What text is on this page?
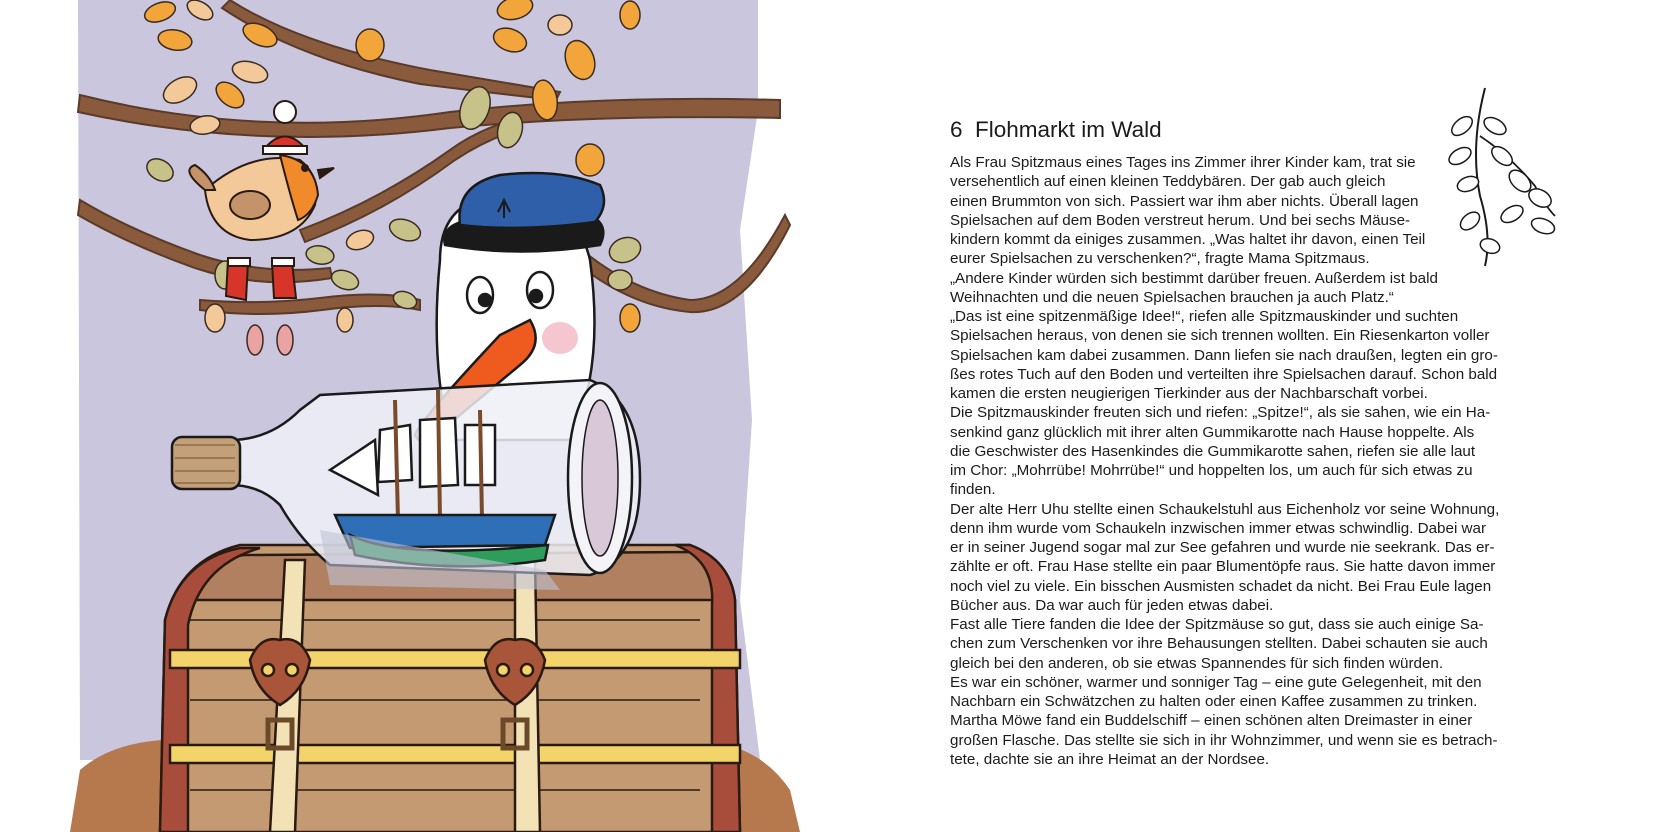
6 Flohmarkt im Wald
Als Frau Spitzmaus eines Tages ins Zimmer ihrer Kinder kam, trat sie
versehentlich auf einen kleinen Teddybären. Der gab auch gleich
einen Brummton von sich. Passiert war ihm aber nichts. Überall lagen
Spielsachen auf dem Boden verstreut herum. Und bei sechs Mäuse-
kindern kommt da einiges zusammen. „Was haltet ihr davon, einen Teil
eurer Spielsachen zu verschenken?“, fragte Mama Spitzmaus.
„Andere Kinder würden sich bestimmt darüber freuen. Außerdem ist bald
Weihnachten und die neuen Spielsachen brauchen ja auch Platz.“
„Das ist eine spitzenmäßige Idee!“, riefen alle Spitzmauskinder und suchten
Spielsachen heraus, von denen sie sich trennen wollten. Ein Riesenkarton voller
Spielsachen kam dabei zusammen. Dann liefen sie nach draußen, legten ein gro-
ßes rotes Tuch auf den Boden und verteilten ihre Spielsachen darauf. Schon bald
kamen die ersten neugierigen Tierkinder aus der Nachbarschaft vorbei.
Die Spitzmauskinder freuten sich und riefen: „Spitze!“, als sie sahen, wie ein Ha-
senkind ganz glücklich mit ihrer alten Gummikarotte nach Hause hoppelte. Als
die Geschwister des Hasenkindes die Gummikarotte sahen, riefen sie alle laut
im Chor: „Mohrrübe! Mohrrübe!“ und hoppelten los, um auch für sich etwas zu
finden.
Der alte Herr Uhu stellte einen Schaukelstuhl aus Eichenholz vor seine Wohnung,
denn ihm wurde vom Schaukeln inzwischen immer etwas schwindlig. Dabei war
er in seiner Jugend sogar mal zur See gefahren und wurde nie seekrank. Das er-
zählte er oft. Frau Hase stellte ein paar Blumentöpfe raus. Sie hatte davon immer
noch viel zu viele. Ein bisschen Ausmisten schadet da nicht. Bei Frau Eule lagen
Bücher aus. Da war auch für jeden etwas dabei.
Fast alle Tiere fanden die Idee der Spitzmäuse so gut, dass sie auch einige Sa-
chen zum Verschenken vor ihre Behausungen stellten. Dabei schauten sie auch
gleich bei den anderen, ob sie etwas Spannendes für sich finden würden.
Es war ein schöner, warmer und sonniger Tag – eine gute Gelegenheit, mit den
Nachbarn ein Schwätzchen zu halten oder einen Kaffee zusammen zu trinken.
Martha Möwe fand ein Buddelschiff – einen schönen alten Dreimaster in einer
großen Flasche. Das stellte sie sich in ihr Wohnzimmer, und wenn sie es betrach-
tete, dachte sie an ihre Heimat an der Nordsee.
